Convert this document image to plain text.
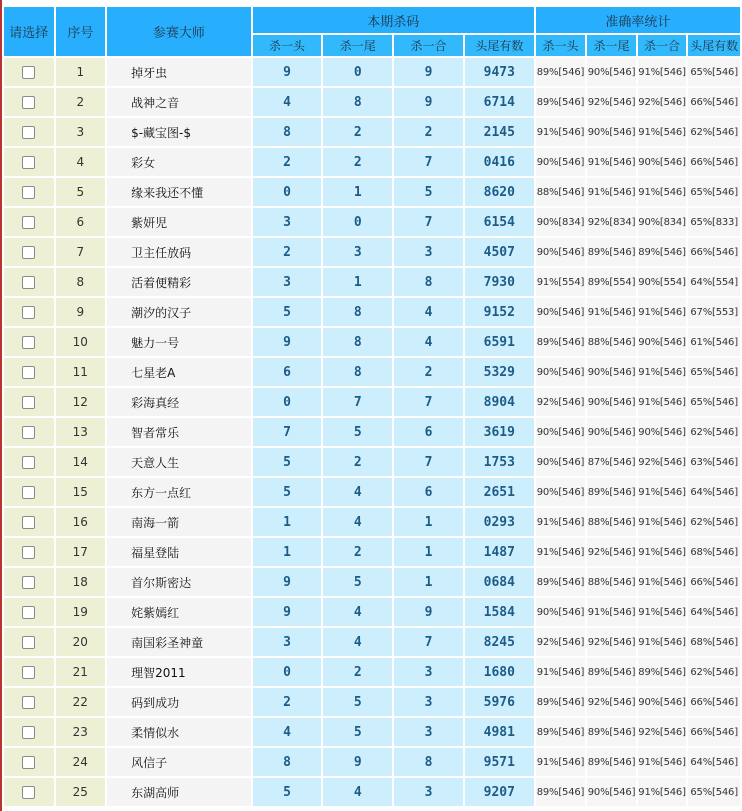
请选择	序号	参赛大师	本期杀码				准确率统计			
			杀一头	杀一尾	杀一合	头尾有数	杀一头	杀一尾	杀一合	头尾有数
	1	掉牙虫	9	0	9	9473	89%[546]	90%[546]	91%[546]	65%[546]
	2	战神之音	4	8	9	6714	89%[546]	92%[546]	92%[546]	66%[546]
	3	$-藏宝图-$	8	2	2	2145	91%[546]	90%[546]	91%[546]	62%[546]
	4	彩女	2	2	7	0416	90%[546]	91%[546]	90%[546]	66%[546]
	5	缘来我还不懂	0	1	5	8620	88%[546]	91%[546]	91%[546]	65%[546]
	6	紫妍児	3	0	7	6154	90%[834]	92%[834]	90%[834]	65%[833]
	7	卫主任放码	2	3	3	4507	90%[546]	89%[546]	89%[546]	66%[546]
	8	活着便精彩	3	1	8	7930	91%[554]	89%[554]	90%[554]	64%[554]
	9	潮汐的汉子	5	8	4	9152	90%[546]	91%[546]	91%[546]	67%[553]
	10	魅力一号	9	8	4	6591	89%[546]	88%[546]	90%[546]	61%[546]
	11	七星老A	6	8	2	5329	90%[546]	90%[546]	91%[546]	65%[546]
	12	彩海真经	0	7	7	8904	92%[546]	90%[546]	91%[546]	65%[546]
	13	智者常乐	7	5	6	3619	90%[546]	90%[546]	90%[546]	62%[546]
	14	天意人生	5	2	7	1753	90%[546]	87%[546]	92%[546]	63%[546]
	15	东方一点红	5	4	6	2651	90%[546]	89%[546]	91%[546]	64%[546]
	16	南海一箭	1	4	1	0293	91%[546]	88%[546]	91%[546]	62%[546]
	17	福星登陆	1	2	1	1487	91%[546]	92%[546]	91%[546]	68%[546]
	18	首尔斯密达	9	5	1	0684	89%[546]	88%[546]	91%[546]	66%[546]
	19	姹紫嫣红	9	4	9	1584	90%[546]	91%[546]	91%[546]	64%[546]
	20	南国彩圣神童	3	4	7	8245	92%[546]	92%[546]	91%[546]	68%[546]
	21	理智2011	0	2	3	1680	91%[546]	89%[546]	89%[546]	62%[546]
	22	码到成功	2	5	3	5976	89%[546]	92%[546]	90%[546]	66%[546]
	23	柔情似水	4	5	3	4981	89%[546]	89%[546]	92%[546]	66%[546]
	24	风信子	8	9	8	9571	91%[546]	89%[546]	91%[546]	64%[546]
	25	东湖高师	5	4	3	9207	89%[546]	90%[546]	91%[546]	65%[546]
